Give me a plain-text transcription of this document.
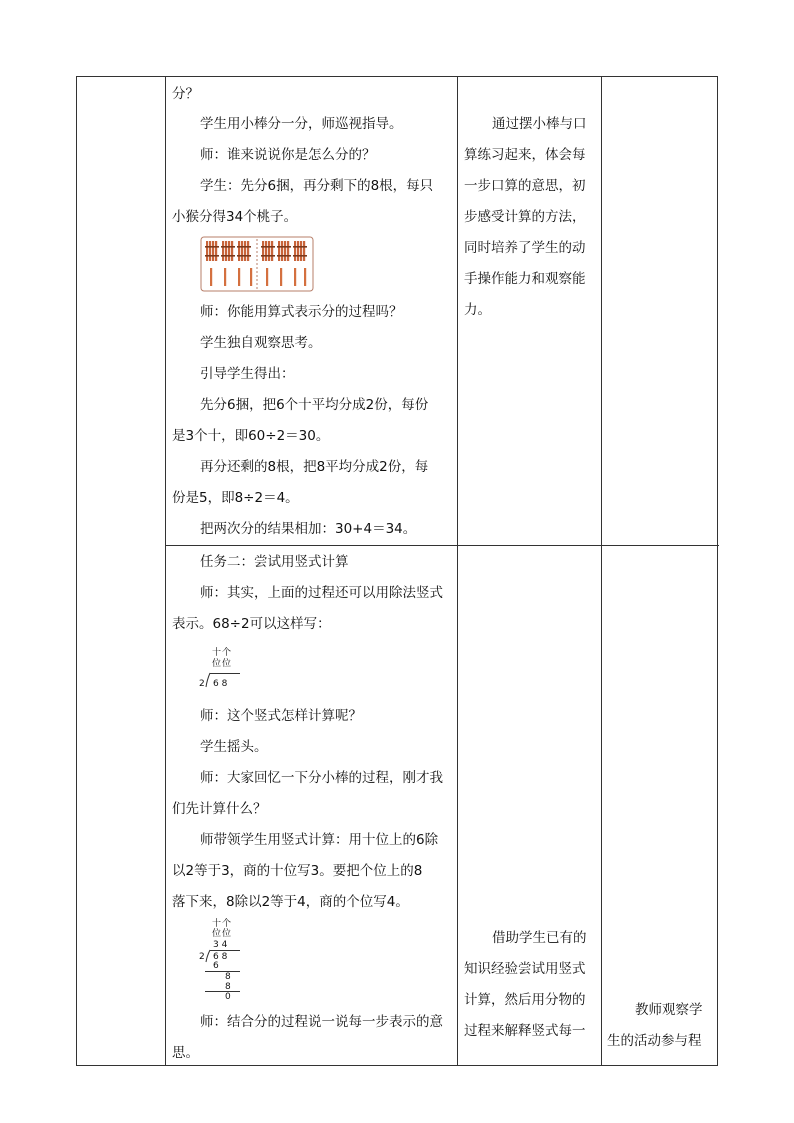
分？
学生用小棒分一分，师巡视指导。
师：谁来说说你是怎么分的？
学生：先分6捆，再分剩下的8根，每只
小猴分得34个桃子。
师：你能用算式表示分的过程吗？
学生独自观察思考。
引导学生得出：
先分6捆，把6个十平均分成2份，每份
是3个十，即60÷2＝30。
再分还剩的8根，把8平均分成2份，每
份是5，即8÷2＝4。
把两次分的结果相加：30+4＝34。
通过摆小棒与口
算练习起来，体会每
一步口算的意思，初
步感受计算的方法，
同时培养了学生的动
手操作能力和观察能
力。
任务二：尝试用竖式计算
师：其实，上面的过程还可以用除法竖式
表示。68÷2可以这样写：
十个
位位
2 6 8
师：这个竖式怎样计算呢？
学生摇头。
师：大家回忆一下分小棒的过程，刚才我
们先计算什么？
师带领学生用竖式计算：用十位上的6除
以2等于3，商的十位写3。要把个位上的8
落下来，8除以2等于4，商的个位写4。
十个
位位
3 4
2 6 8
6
8
8
0
师：结合分的过程说一说每一步表示的意
思。
借助学生已有的
知识经验尝试用竖式
计算，然后用分物的
过程来解释竖式每一
教师观察学
生的活动参与程
